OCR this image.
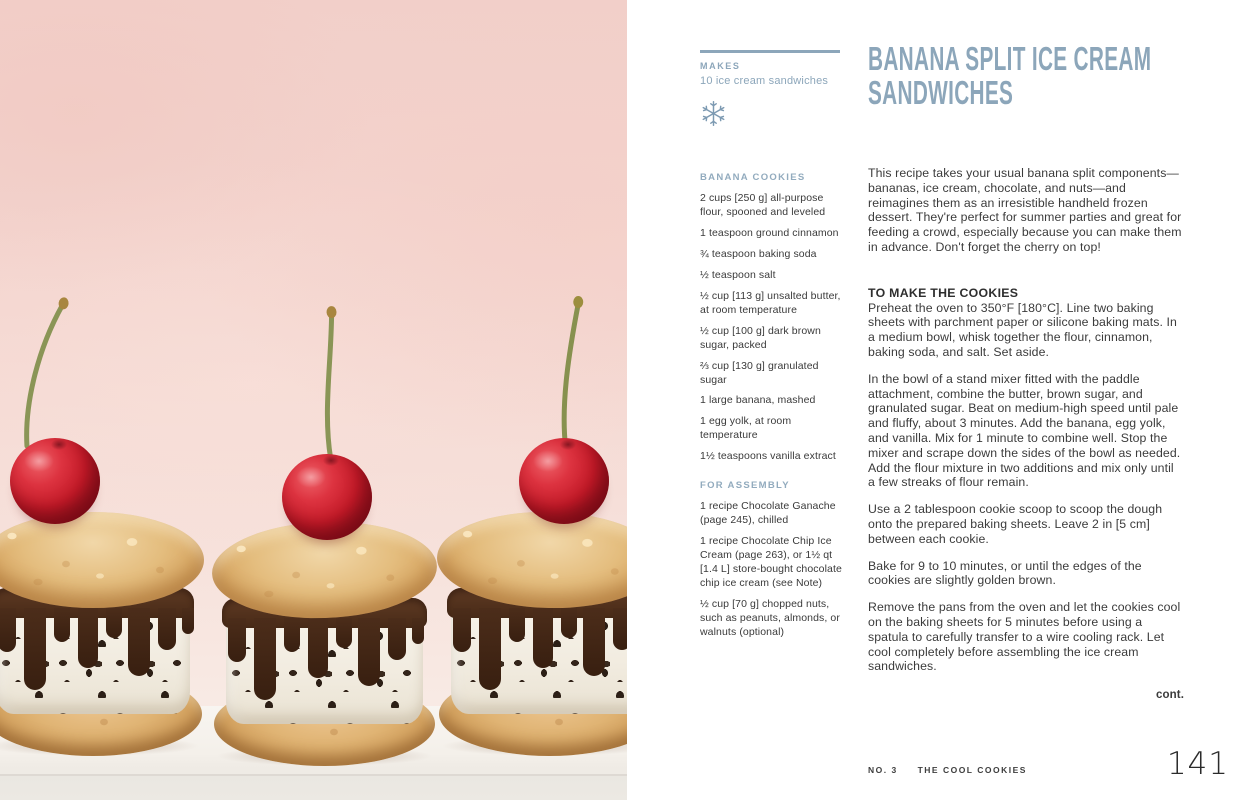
MAKES
10 ice cream sandwiches
BANANA SPLIT ICE CREAM SANDWICHES
BANANA COOKIES
2 cups [250 g] all-purpose flour, spooned and leveled
1 teaspoon ground cinnamon
¾ teaspoon baking soda
½ teaspoon salt
½ cup [113 g] unsalted butter, at room temperature
½ cup [100 g] dark brown sugar, packed
⅔ cup [130 g] granulated sugar
1 large banana, mashed
1 egg yolk, at room temperature
1½ teaspoons vanilla extract
FOR ASSEMBLY
1 recipe Chocolate Ganache (page 245), chilled
1 recipe Chocolate Chip Ice Cream (page 263), or 1½ qt [1.4 L] store-bought chocolate chip ice cream (see Note)
½ cup [70 g] chopped nuts, such as peanuts, almonds, or walnuts (optional)

This recipe takes your usual banana split components—bananas, ice cream, chocolate, and nuts—and reimagines them as an irresistible handheld frozen dessert. They're perfect for summer parties and great for feeding a crowd, especially because you can make them in advance. Don't forget the cherry on top!

TO MAKE THE COOKIES

Preheat the oven to 350°F [180°C]. Line two baking sheets with parchment paper or silicone baking mats. In a medium bowl, whisk together the flour, cinnamon, baking soda, and salt. Set aside.

In the bowl of a stand mixer fitted with the paddle attachment, combine the butter, brown sugar, and granulated sugar. Beat on medium-high speed until pale and fluffy, about 3 minutes. Add the banana, egg yolk, and vanilla. Mix for 1 minute to combine well. Stop the mixer and scrape down the sides of the bowl as needed. Add the flour mixture in two additions and mix only until a few streaks of flour remain.

Use a 2 tablespoon cookie scoop to scoop the dough onto the prepared baking sheets. Leave 2 in [5 cm] between each cookie.

Bake for 9 to 10 minutes, or until the edges of the cookies are slightly golden brown.

Remove the pans from the oven and let the cookies cool on the baking sheets for 5 minutes before using a spatula to carefully transfer to a wire cooling rack. Let cool completely before assembling the ice cream sandwiches.

cont.
NO. 3 THE COOL COOKIES	141
